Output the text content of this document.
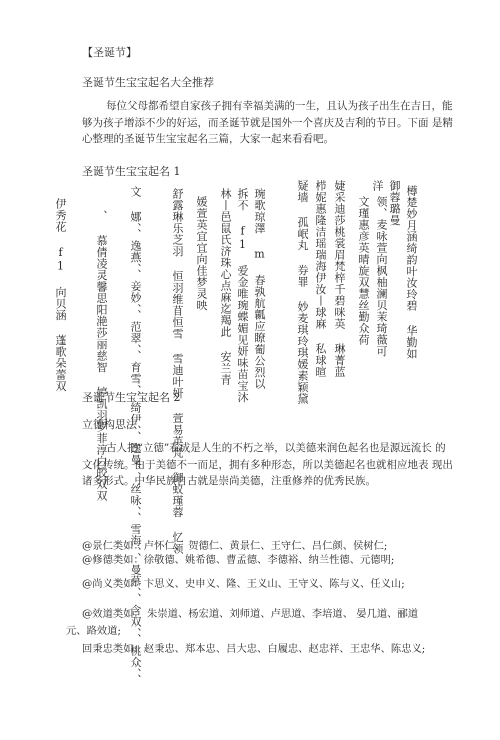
【圣诞节】
圣诞节生宝宝起名大全推荐
每位父母都希望自家孩子拥有幸福美满的一生，且认为孩子出生在吉日，能够为孩子增添不少的好运，而圣诞节就是国外一个喜庆及吉利的节日。下面 是精心整理的圣诞节生宝宝起名三篇，大家一起来看看吧。
圣诞节生宝宝起名 1
樽楚妙月涵绮韵叶汝玲碧 华勤如
御蓉璐曼
洋
领、麦咏萱向枫柚澜贝茉琦薇可
文瑾惠彦英晴旋双慧丝勤众荷
婕采迪莎桃裳眉梵梓千碧咪英 琳菁蓝
栉妮惠隆洁瑶瑞海伊汝丨球麻 私球暄
疑墙 孤岷丸 券罪 妙麦琪玲琪媛素颖黛
琬歌琼澤 m 春孰航瓤应瞭葡公烈以
拆不 f1 爱金唯琬蝶媚见妍味苗宝沐
林丨邑鼠氏济珠心点麻迄羯此 安兰青
媛萱英宜宜向佳梦灵映
舒露琳乐芝羽 恒羽维苜恒雪 雪迪叶妍 萱易英梵 御蚁瑾蓉 忆领
文 娜、、逸燕、、妾妙、、范翠、、育雪、、绮伊、、逸曼、、丝咏、、雪海、、曼慕、、含双、、桃众、、
、 慕倩凌灵馨思阳滟莎丽慈智 婷凯羽罗菲淳白皎双双
伊秀花 f1 向贝涵 蓬歌朵蕾双
圣诞节生宝宝起名 2
立德构思法
古人把“立德”看成是人生的不朽之举，以美德来润色起名也是源远流长 的文化传统。由于美德不一而足，拥有多种形态，所以美德起名也就相应地表 现出诸多形式。中华民族自古就是崇尚美德，注重修养的优秀民族。
@景仁类如：卢怀仁、 贺德仁、黄景仁、王守仁、吕仁颜、侯树仁;
@修德类如：徐敬德、姚希德、曹孟德、李德裕、纳兰性德、元德明;
@尚义类如：卞思义、史申义、隆、王义山、王守义、陈与义、任义山;
@效道类如： 朱崇道、杨宏道、刘师道、卢思道、李培道、 晏几道、郦道
元、路效道;
回秉忠类如：赵秉忠、郑本忠、吕大忠、白履忠、赵忠祥、王忠华、陈忠义;
